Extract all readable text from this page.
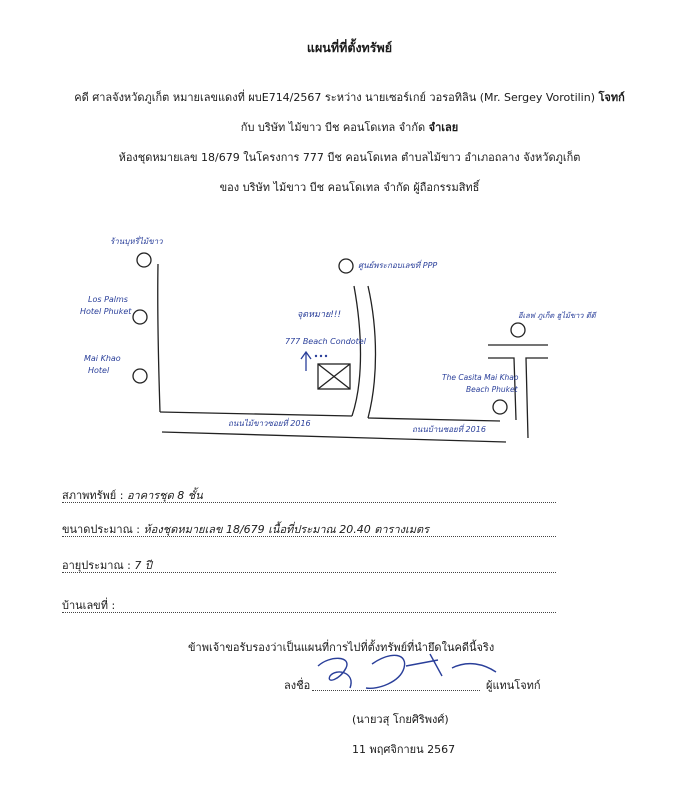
แผนที่ที่ตั้งทรัพย์
คดี ศาลจังหวัดภูเก็ต หมายเลขแดงที่ ผบE714/2567 ระหว่าง นายเซอร์เกย์ วอรอทิลิน (Mr. Sergey Vorotilin) โจทก์
กับ บริษัท ไม้ขาว บีช คอนโดเทล จำกัด จำเลย
ห้องชุดหมายเลข 18/679 ในโครงการ 777 บีช คอนโดเทล ตำบลไม้ขาว อำเภอถลาง จังหวัดภูเก็ต
ของ บริษัท ไม้ขาว บีช คอนโดเทล จำกัด ผู้ถือกรรมสิทธิ์
ร้านบุหรี่ไม้ขาว
Los Palms
Hotel Phuket
Mai Khao
Hotel
ศูนย์พระกอบเลขที่ PPP
จุดหมาย!!!
777 Beach Condotel
อีเลฟ ภูเก็ต ฮูไม้ขาว ดีดี
The Casita Mai Khao
Beach Phuket
ถนนไม้ขาวซอยที่ 2016
ถนนบ้านซอยที่ 2016
สภาพทรัพย์ : อาคารชุด 8 ชั้น
ขนาดประมาณ : ห้องชุดหมายเลข 18/679 เนื้อที่ประมาณ 20.40 ตารางเมตร
อายุประมาณ : 7 ปี
บ้านเลขที่ :
ข้าพเจ้าขอรับรองว่าเป็นแผนที่การไปที่ตั้งทรัพย์ที่นำยึดในคดีนี้จริง
ลงชื่อ	ผู้แทนโจทก์
(นายวสุ โกยศิริพงศ์)
11 พฤศจิกายน 2567
